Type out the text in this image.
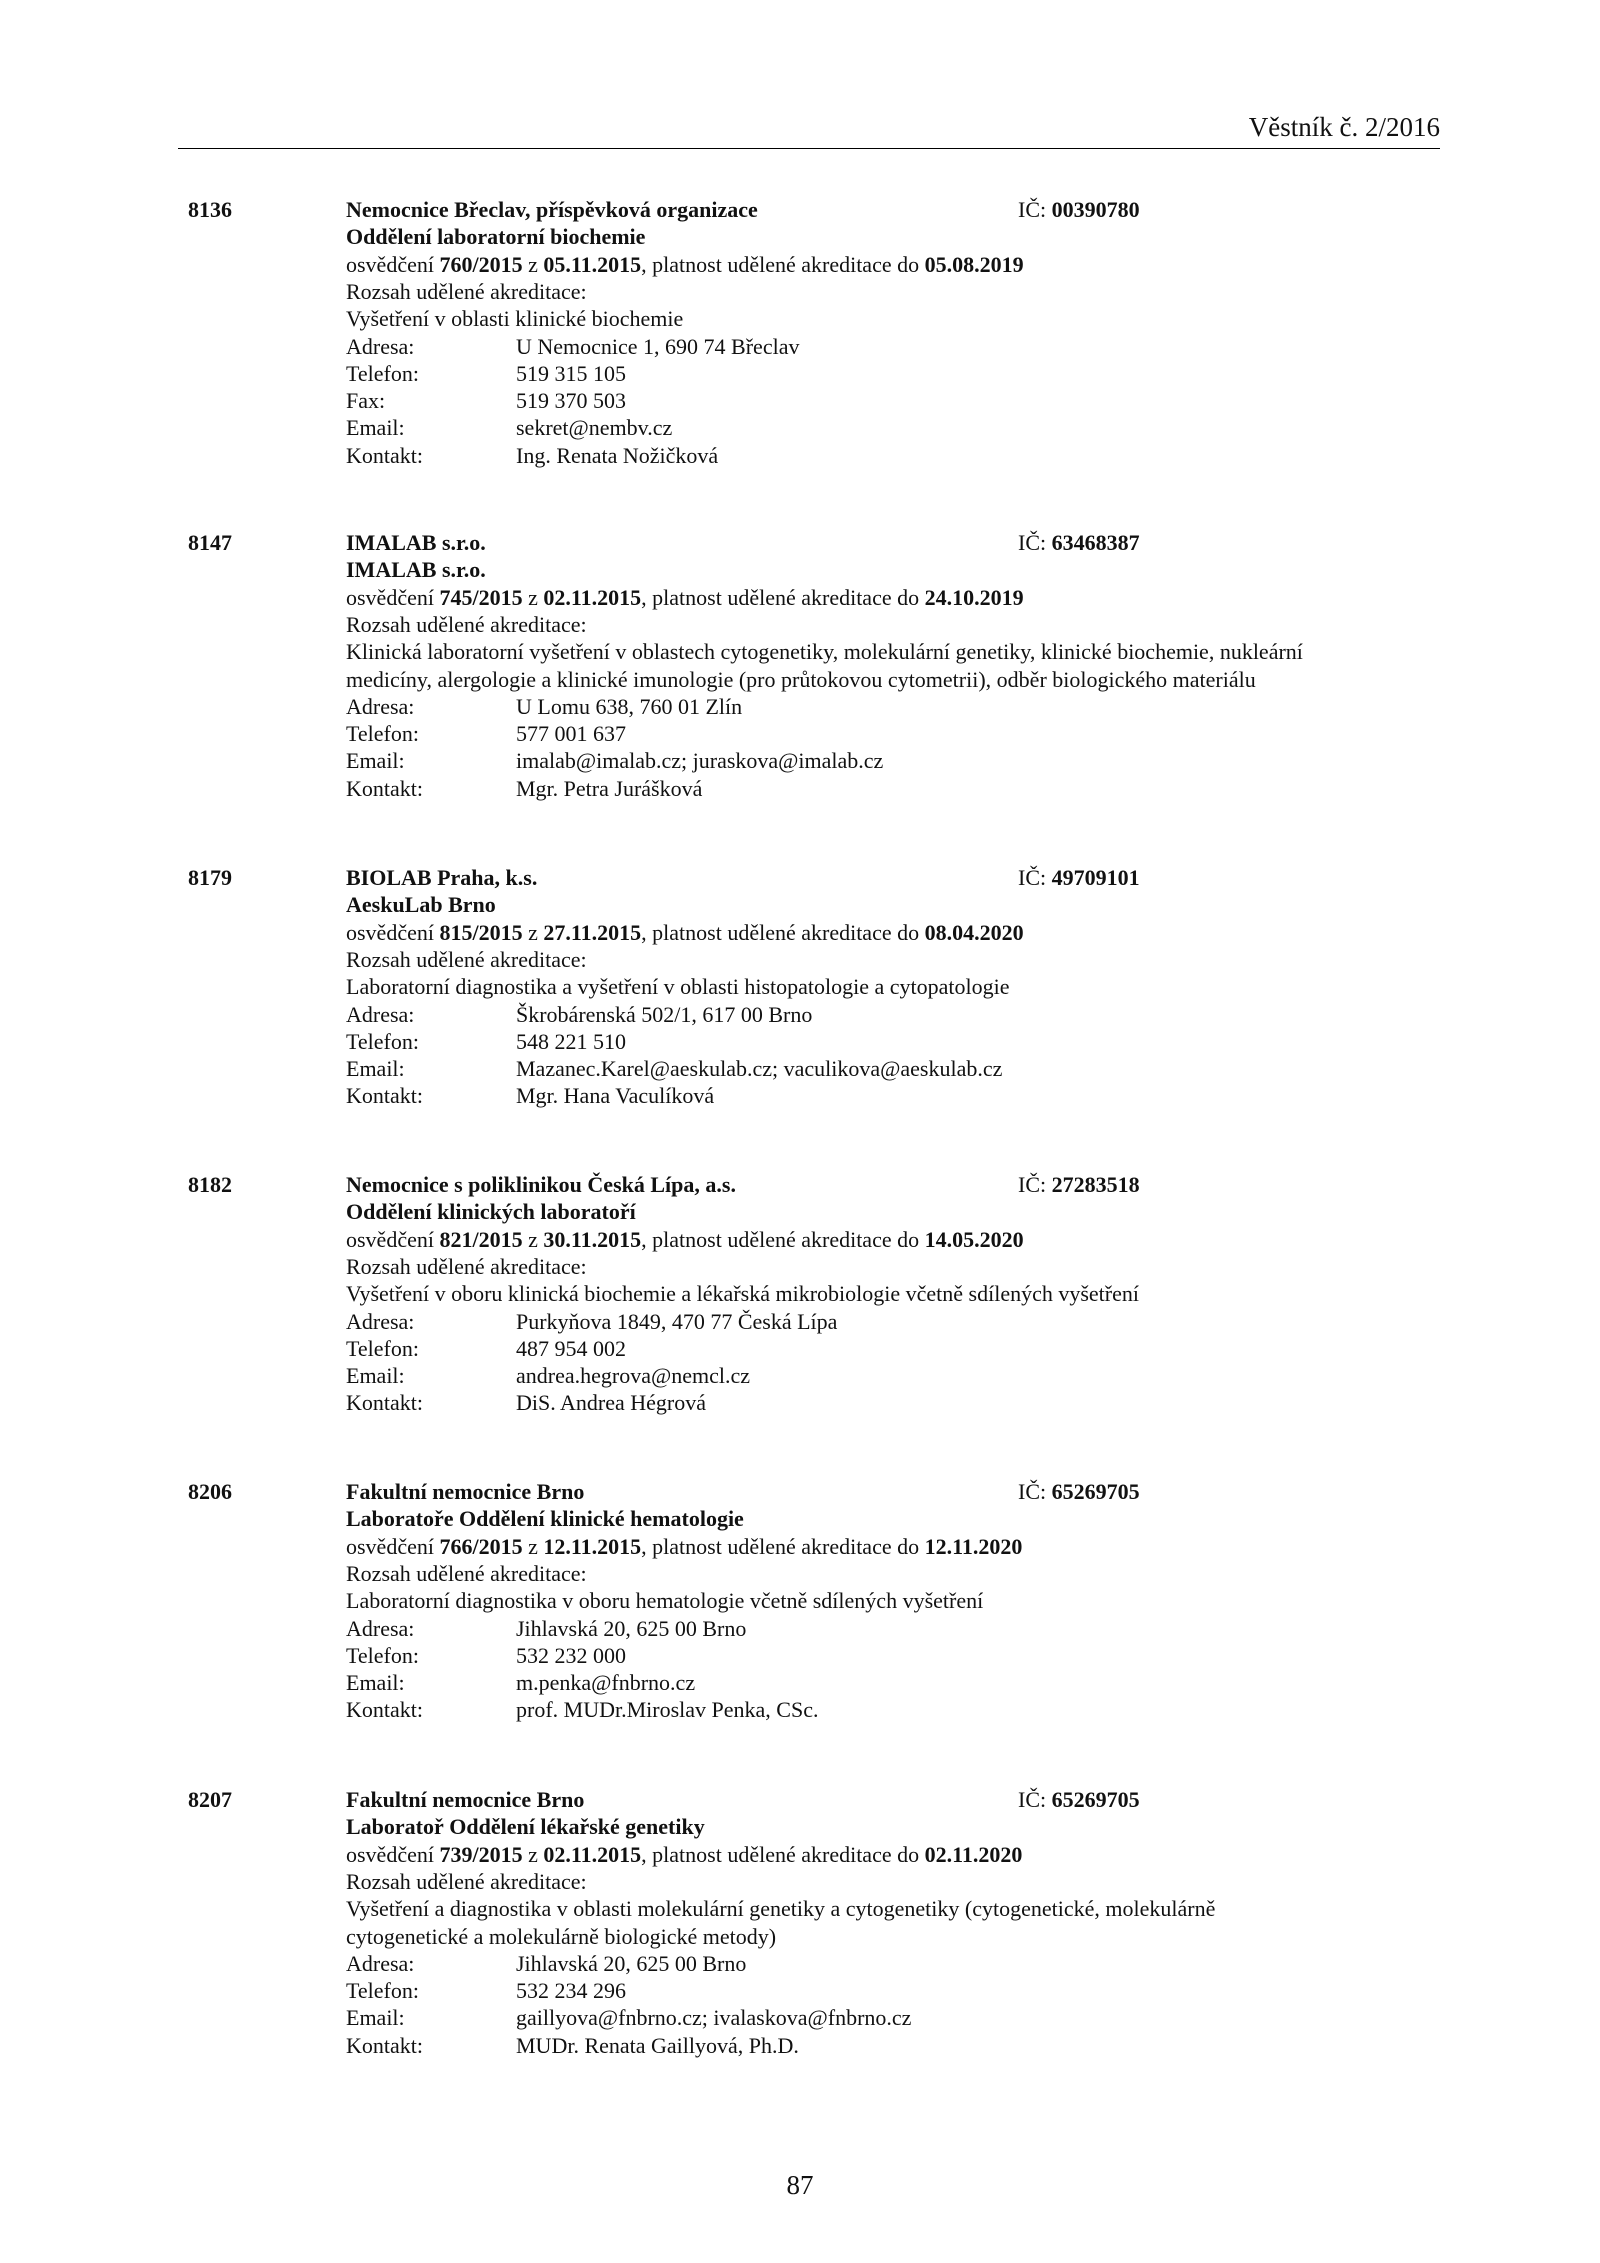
Věstník č. 2/2016
8136	Nemocnice Břeclav, příspěvková organizace	IČ: 00390780
Oddělení laboratorní biochemie
osvědčení 760/2015 z 05.11.2015, platnost udělené akreditace do 05.08.2019
Rozsah udělené akreditace:
Vyšetření v oblasti klinické biochemie
Adresa:	U Nemocnice 1, 690 74 Břeclav
Telefon:	519 315 105
Fax:	519 370 503
Email:	sekret@nembv.cz
Kontakt:	Ing. Renata Nožičková
8147	IMALAB s.r.o.	IČ: 63468387
IMALAB s.r.o.
osvědčení 745/2015 z 02.11.2015, platnost udělené akreditace do 24.10.2019
Rozsah udělené akreditace:
Klinická laboratorní vyšetření v oblastech cytogenetiky, molekulární genetiky, klinické biochemie, nukleární
medicíny, alergologie a klinické imunologie (pro průtokovou cytometrii), odběr biologického materiálu
Adresa:	U Lomu 638, 760 01 Zlín
Telefon:	577 001 637
Email:	imalab@imalab.cz; juraskova@imalab.cz
Kontakt:	Mgr. Petra Jurášková
8179	BIOLAB Praha, k.s.	IČ: 49709101
AeskuLab Brno
osvědčení 815/2015 z 27.11.2015, platnost udělené akreditace do 08.04.2020
Rozsah udělené akreditace:
Laboratorní diagnostika a vyšetření v oblasti histopatologie a cytopatologie
Adresa:	Škrobárenská 502/1, 617 00 Brno
Telefon:	548 221 510
Email:	Mazanec.Karel@aeskulab.cz; vaculikova@aeskulab.cz
Kontakt:	Mgr. Hana Vaculíková
8182	Nemocnice s poliklinikou Česká Lípa, a.s.	IČ: 27283518
Oddělení klinických laboratoří
osvědčení 821/2015 z 30.11.2015, platnost udělené akreditace do 14.05.2020
Rozsah udělené akreditace:
Vyšetření v oboru klinická biochemie a lékařská mikrobiologie včetně sdílených vyšetření
Adresa:	Purkyňova 1849, 470 77 Česká Lípa
Telefon:	487 954 002
Email:	andrea.hegrova@nemcl.cz
Kontakt:	DiS. Andrea Hégrová
8206	Fakultní nemocnice Brno	IČ: 65269705
Laboratoře Oddělení klinické hematologie
osvědčení 766/2015 z 12.11.2015, platnost udělené akreditace do 12.11.2020
Rozsah udělené akreditace:
Laboratorní diagnostika v oboru hematologie včetně sdílených vyšetření
Adresa:	Jihlavská 20, 625 00 Brno
Telefon:	532 232 000
Email:	m.penka@fnbrno.cz
Kontakt:	prof. MUDr.Miroslav Penka, CSc.
8207	Fakultní nemocnice Brno	IČ: 65269705
Laboratoř Oddělení lékařské genetiky
osvědčení 739/2015 z 02.11.2015, platnost udělené akreditace do 02.11.2020
Rozsah udělené akreditace:
Vyšetření a diagnostika v oblasti molekulární genetiky a cytogenetiky (cytogenetické, molekulárně
cytogenetické a molekulárně biologické metody)
Adresa:	Jihlavská 20, 625 00 Brno
Telefon:	532 234 296
Email:	gaillyova@fnbrno.cz; ivalaskova@fnbrno.cz
Kontakt:	MUDr. Renata Gaillyová, Ph.D.
87
